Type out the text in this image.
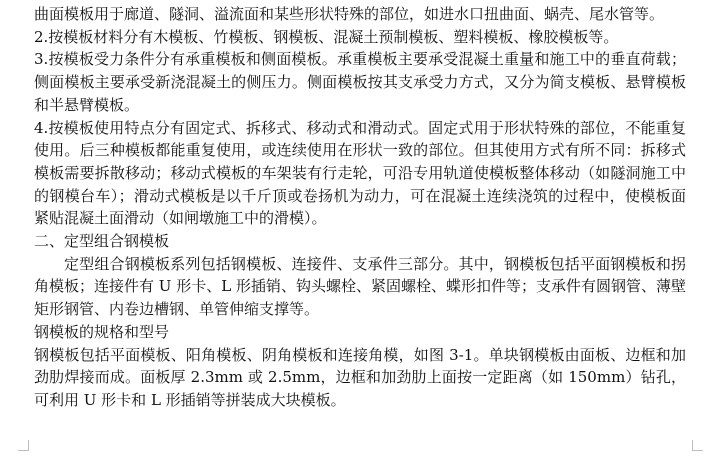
曲面模板用于廊道、隧洞、溢流面和某些形状特殊的部位，如进水口扭曲面、蜗壳、尾水管等。

2.按模板材料分有木模板、竹模板、钢模板、混凝土预制模板、塑料模板、橡胶模板等。

3.按模板受力条件分有承重模板和侧面模板。承重模板主要承受混凝土重量和施工中的垂直荷载；侧面模板主要承受新浇混凝土的侧压力。侧面模板按其支承受力方式，又分为简支模板、悬臂模板和半悬臂模板。

4.按模板使用特点分有固定式、拆移式、移动式和滑动式。固定式用于形状特殊的部位，不能重复使用。后三种模板都能重复使用，或连续使用在形状一致的部位。但其使用方式有所不同：拆移式模板需要拆散移动；移动式模板的车架装有行走轮，可沿专用轨道使模板整体移动（如隧洞施工中的钢模台车）；滑动式模板是以千斤顶或卷扬机为动力，可在混凝土连续浇筑的过程中，使模板面紧贴混凝土面滑动（如闸墩施工中的滑模）。

二、定型组合钢模板

定型组合钢模板系列包括钢模板、连接件、支承件三部分。其中，钢模板包括平面钢模板和拐角模板；连接件有 U 形卡、L 形插销、钩头螺栓、紧固螺栓、蝶形扣件等；支承件有圆钢管、薄壁矩形钢管、内卷边槽钢、单管伸缩支撑等。

钢模板的规格和型号

钢模板包括平面模板、阳角模板、阴角模板和连接角模，如图 3-1。单块钢模板由面板、边框和加劲肋焊接而成。面板厚 2.3mm 或 2.5mm，边框和加劲肋上面按一定距离（如 150mm）钻孔，可利用 U 形卡和 L 形插销等拼装成大块模板。
